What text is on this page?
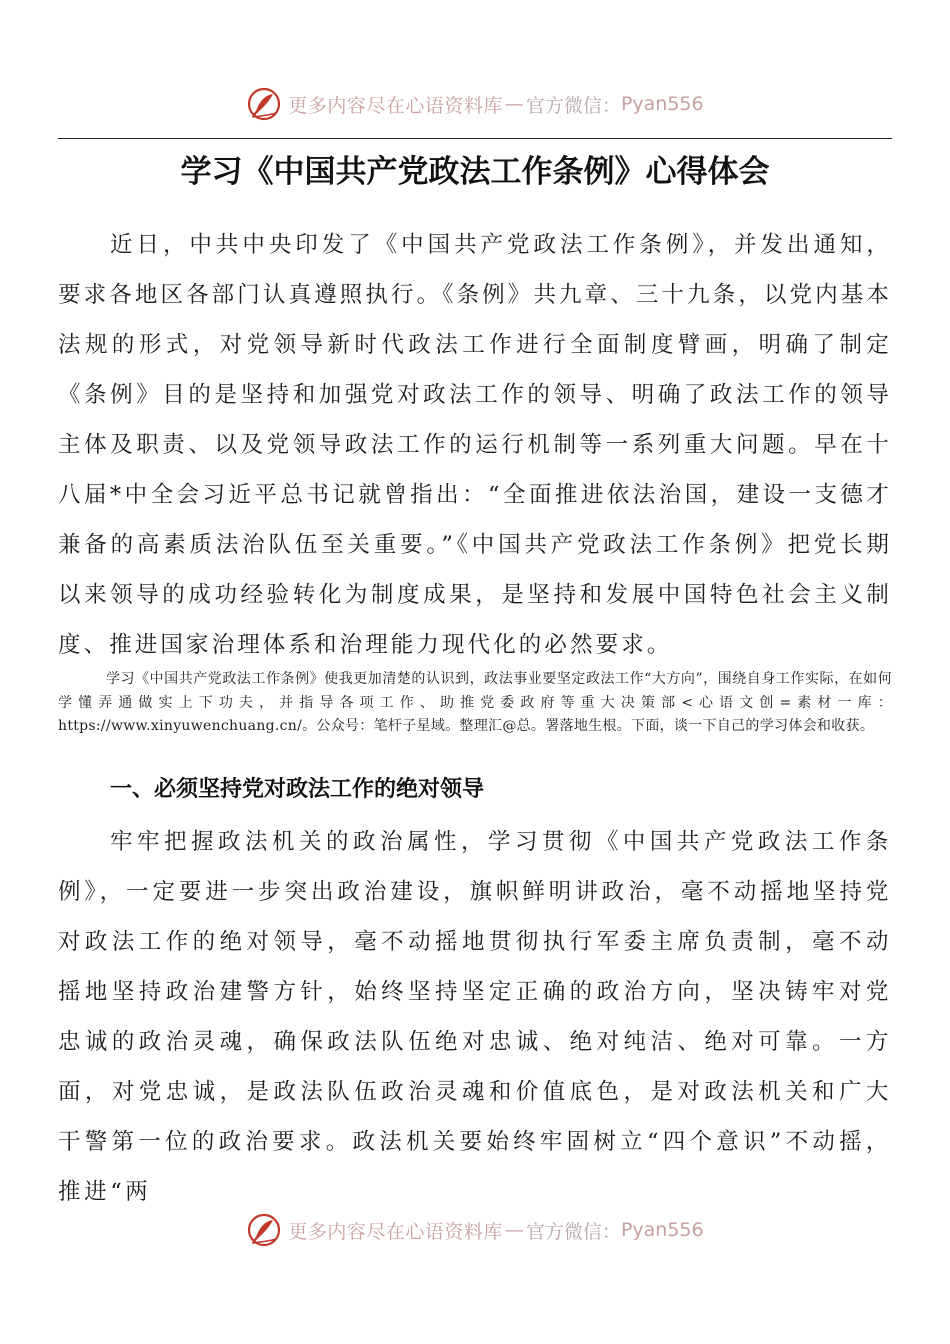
更多内容尽在心语资料库 — 官方微信： Pyan556
学习《中国共产党政法工作条例》心得体会

近日，中共中央印发了《中国共产党政法工作条例》，并发出通知，要求各地区各部门认真遵照执行。《条例》共九章、三十九条，以党内基本法规的形式，对党领导新时代政法工作进行全面制度臂画，明确了制定《条例》目的是坚持和加强党对政法工作的领导、明确了政法工作的领导主体及职责、以及党领导政法工作的运行机制等一系列重大问题。早在十八届*中全会习近平总书记就曾指出：“全面推进依法治国，建设一支德才兼备的高素质法治队伍至关重要。”《中国共产党政法工作条例》把党长期以来领导的成功经验转化为制度成果，是坚持和发展中国特色社会主义制度、推进国家治理体系和治理能力现代化的必然要求。

学习《中国共产党政法工作条例》使我更加清楚的认识到，政法事业要坚定政法工作“大方向”，围绕自身工作实际，在如何学懂弄通做实上下功夫，并指导各项工作、助推党委政府等重大决策部<心语文创=素材一库：https://www.xinyuwenchuang.cn/。公众号：笔杆子星域。整理汇@总。署落地生根。下面，谈一下自己的学习体会和收获。

一、必须坚持党对政法工作的绝对领导

牢牢把握政法机关的政治属性，学习贯彻《中国共产党政法工作条例》，一定要进一步突出政治建设，旗帜鲜明讲政治，毫不动摇地坚持党对政法工作的绝对领导，毫不动摇地贯彻执行军委主席负责制，毫不动摇地坚持政治建警方针，始终坚持坚定正确的政治方向，坚决铸牢对党忠诚的政治灵魂，确保政法队伍绝对忠诚、绝对纯洁、绝对可靠。一方面，对党忠诚，是政法队伍政治灵魂和价值底色，是对政法机关和广大干警第一位的政治要求。政法机关要始终牢固树立“四个意识”不动摇，推进“两

更多内容尽在心语资料库 — 官方微信： Pyan556
